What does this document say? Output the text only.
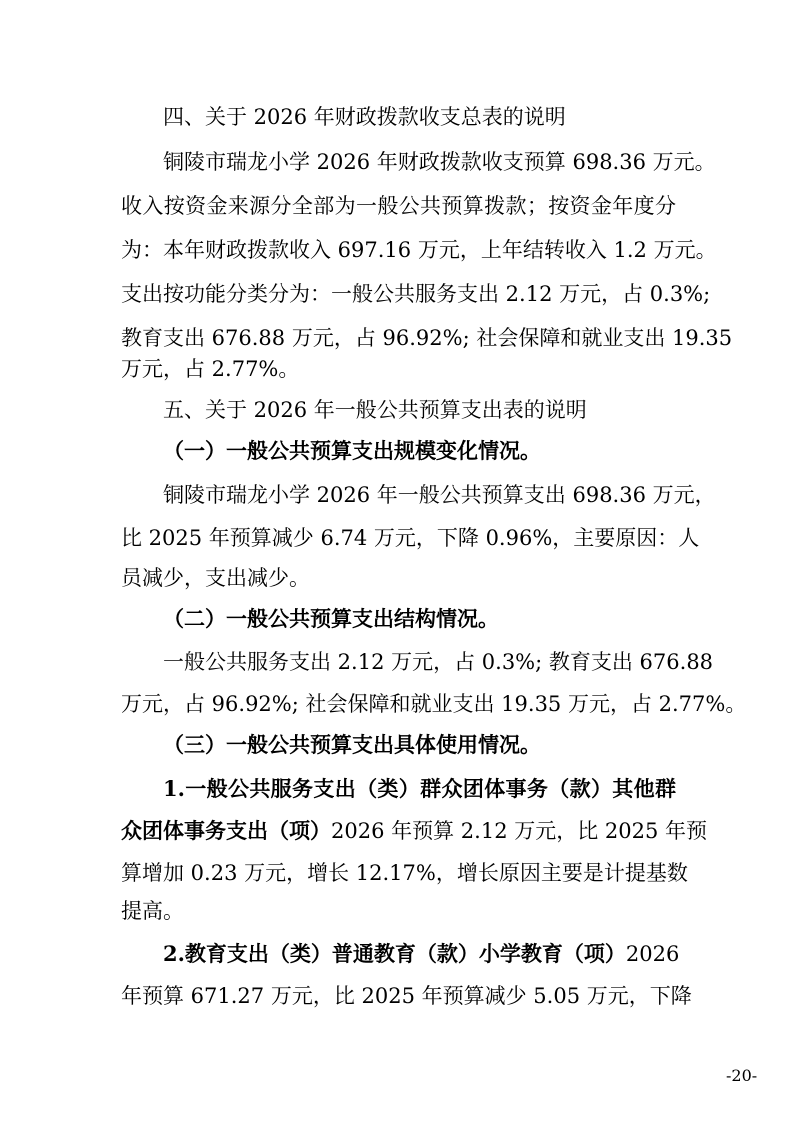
四、关于 2026 年财政拨款收支总表的说明
铜陵市瑞龙小学 2026 年财政拨款收支预算 698.36 万元。
收入按资金来源分全部为一般公共预算拨款；按资金年度分
为：本年财政拨款收入 697.16 万元，上年结转收入 1.2 万元。
支出按功能分类分为：一般公共服务支出 2.12 万元，占 0.3%;
教育支出 676.88 万元，占 96.92%; 社会保障和就业支出 19.35
万元，占 2.77%。
五、关于 2026 年一般公共预算支出表的说明
（一）一般公共预算支出规模变化情况。
铜陵市瑞龙小学 2026 年一般公共预算支出 698.36 万元，
比 2025 年预算减少 6.74 万元，下降 0.96%，主要原因：人
员减少，支出减少。
（二）一般公共预算支出结构情况。
一般公共服务支出 2.12 万元，占 0.3%; 教育支出 676.88
万元，占 96.92%; 社会保障和就业支出 19.35 万元，占 2.77%。
（三）一般公共预算支出具体使用情况。
1.一般公共服务支出（类）群众团体事务（款）其他群
众团体事务支出（项）2026 年预算 2.12 万元，比 2025 年预
算增加 0.23 万元，增长 12.17%，增长原因主要是计提基数
提高。
2.教育支出（类）普通教育（款）小学教育（项）2026
年预算 671.27 万元，比 2025 年预算减少 5.05 万元，下降
-20-
